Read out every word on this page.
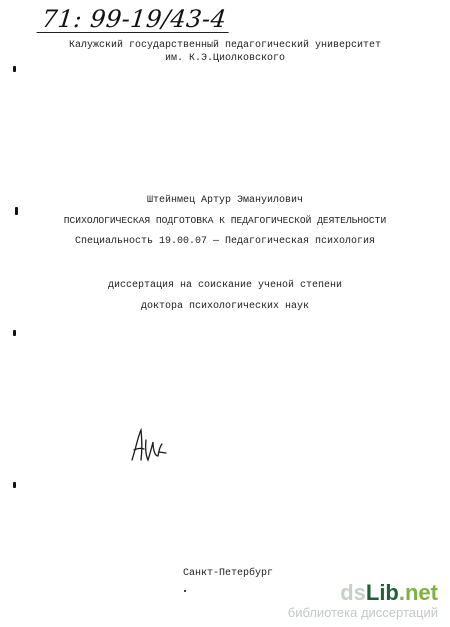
71: 99-19/43-4
Калужский государственный педагогический университет
им. К.Э.Циолковского
Штейнмец Артур Эмануилович
ПСИХОЛОГИЧЕСКАЯ ПОДГОТОВКА К ПЕДАГОГИЧЕСКОЙ ДЕЯТЕЛЬНОСТИ
Специальность 19.00.07 — Педагогическая психология
диссертация на соискание ученой степени
доктора психологических наук
Санкт-Петербург
dsLib.net
библиотека диссертаций
